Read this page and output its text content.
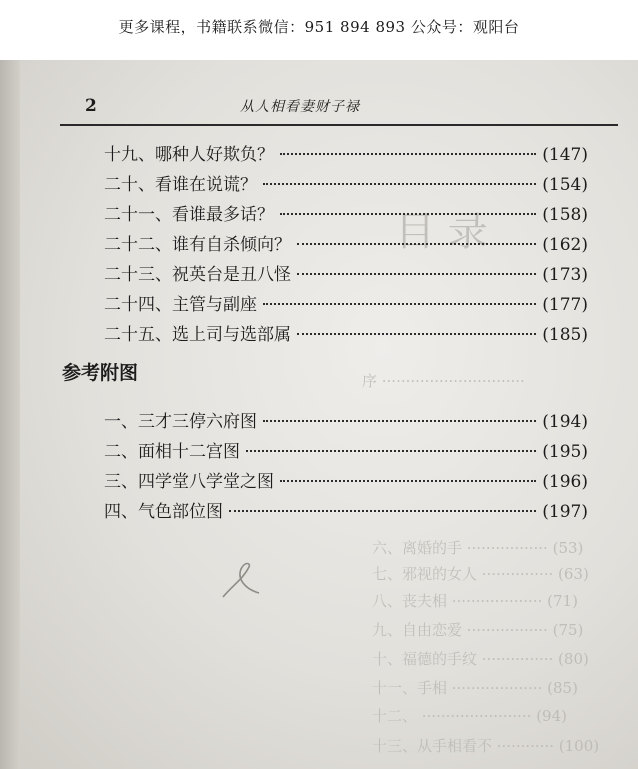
更多课程，书籍联系微信：951 894 893 公众号：观阳台
目 录
序 ······························
六、离婚的手 ················· (53)
七、邪视的女人 ··············· (63)
八、丧夫相 ··················· (71)
九、自由恋爱 ················· (75)
十、福德的手纹 ··············· (80)
十一、手相 ··················· (85)
十二、 ······················· (94)
十三、从手相看不 ············ (100)
2	从人相看妻财子禄
十九、哪种人好欺负？	(147)
二十、看谁在说谎？	(154)
二十一、看谁最多话？	(158)
二十二、谁有自杀倾向？	(162)
二十三、祝英台是丑八怪	(173)
二十四、主管与副座	(177)
二十五、选上司与选部属	(185)
参考附图
一、三才三停六府图	(194)
二、面相十二宫图	(195)
三、四学堂八学堂之图	(196)
四、气色部位图	(197)
